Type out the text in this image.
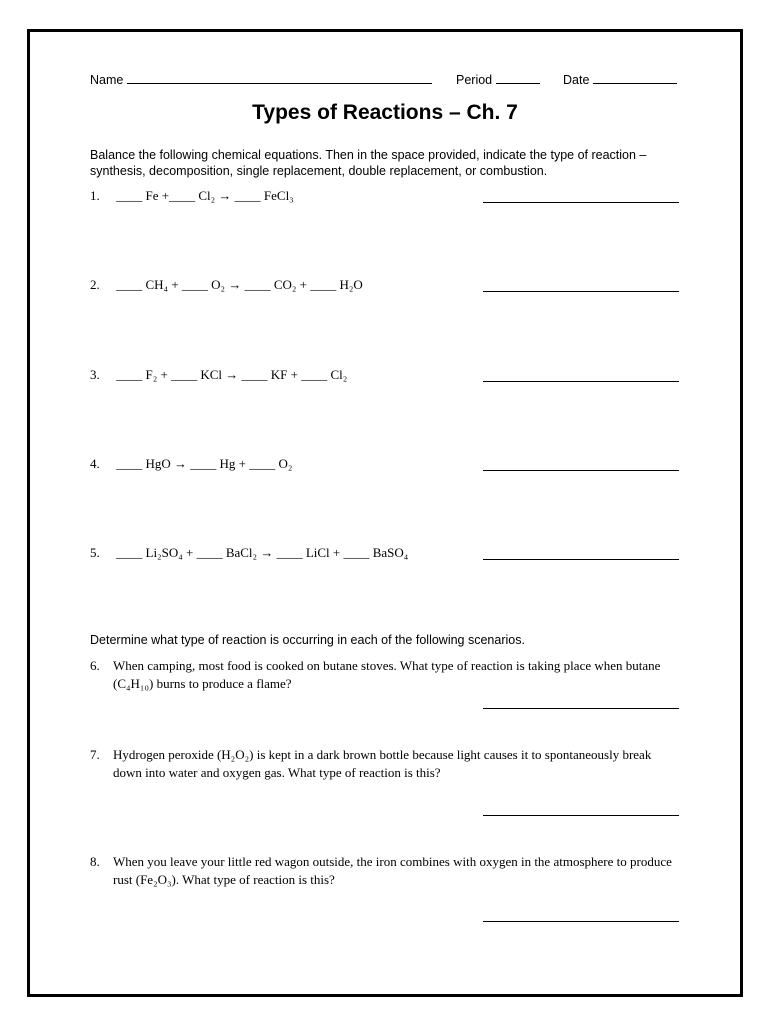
Name	Period	Date
Types of Reactions – Ch. 7
Balance the following chemical equations. Then in the space provided, indicate the type of reaction – synthesis, decomposition, single replacement, double replacement, or combustion.
1. ____ Fe +____ Cl₂ → ____ FeCl₃
2. ____ CH₄ + ____ O₂ → ____ CO₂ + ____ H₂O
3. ____ F₂ + ____ KCl → ____ KF + ____ Cl₂
4. ____ HgO → ____ Hg + ____ O₂
5. ____ Li₂SO₄ + ____ BaCl₂ → ____ LiCl + ____ BaSO₄
Determine what type of reaction is occurring in each of the following scenarios.
6. When camping, most food is cooked on butane stoves. What type of reaction is taking place when butane (C₄H₁₀) burns to produce a flame?
7. Hydrogen peroxide (H₂O₂) is kept in a dark brown bottle because light causes it to spontaneously break down into water and oxygen gas. What type of reaction is this?
8. When you leave your little red wagon outside, the iron combines with oxygen in the atmosphere to produce rust (Fe₂O₃). What type of reaction is this?
